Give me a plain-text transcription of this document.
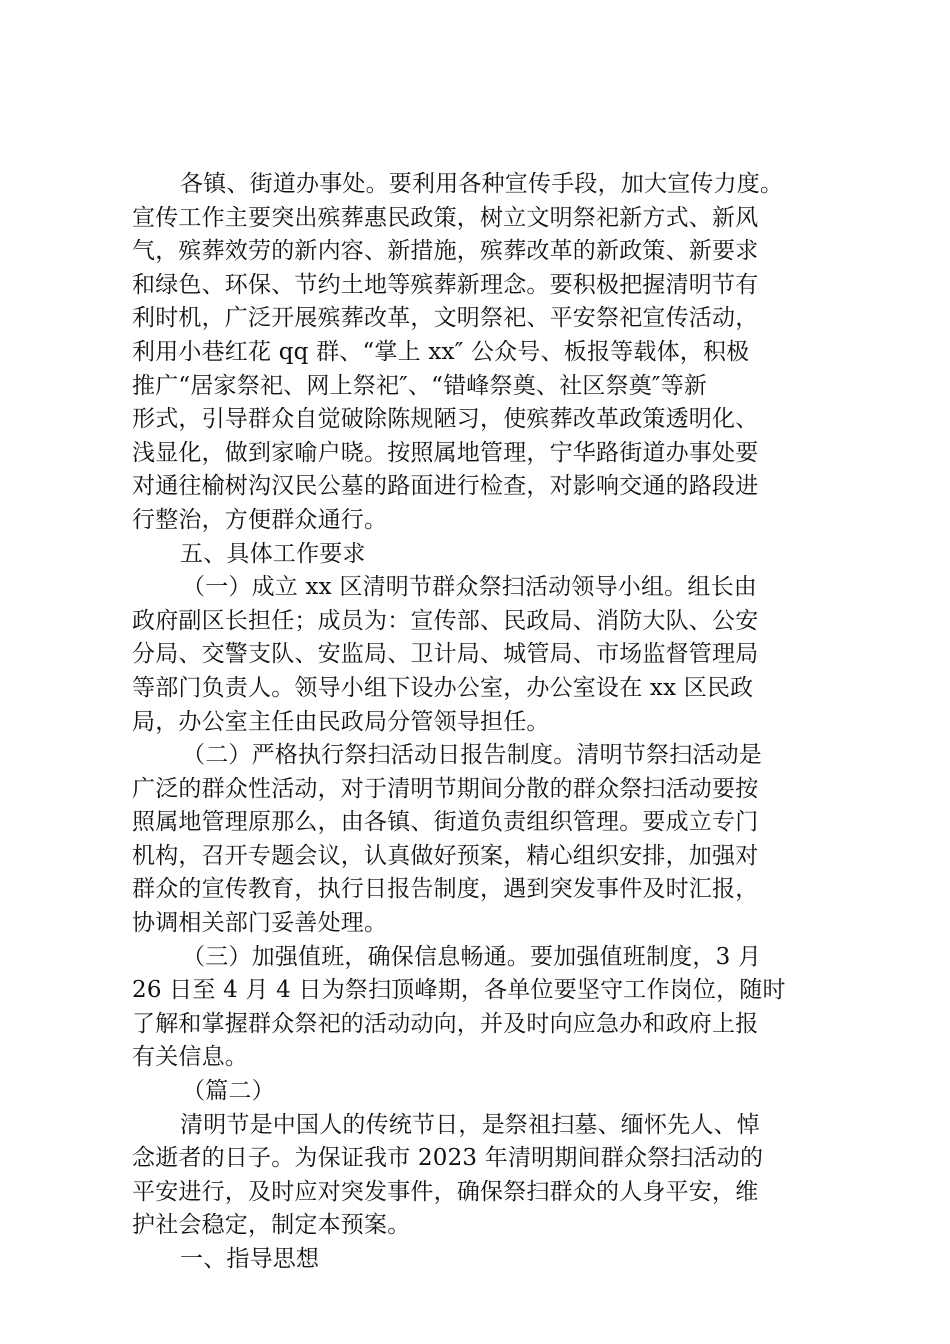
各镇、街道办事处。要利用各种宣传手段，加大宣传力度。
宣传工作主要突出殡葬惠民政策，树立文明祭祀新方式、新风
气，殡葬效劳的新内容、新措施，殡葬改革的新政策、新要求
和绿色、环保、节约土地等殡葬新理念。要积极把握清明节有
利时机，广泛开展殡葬改革，文明祭祀、平安祭祀宣传活动，
利用小巷红花 qq 群、“掌上 xx″ 公众号、板报等载体，积极
推广“居家祭祀、网上祭祀″、“错峰祭奠、社区祭奠″等新
形式，引导群众自觉破除陈规陋习，使殡葬改革政策透明化、
浅显化，做到家喻户晓。按照属地管理，宁华路街道办事处要
对通往榆树沟汉民公墓的路面进行检查，对影响交通的路段进
行整治，方便群众通行。
五、具体工作要求
（一）成立 xx 区清明节群众祭扫活动领导小组。组长由
政府副区长担任；成员为：宣传部、民政局、消防大队、公安
分局、交警支队、安监局、卫计局、城管局、市场监督管理局
等部门负责人。领导小组下设办公室，办公室设在 xx 区民政
局，办公室主任由民政局分管领导担任。
（二）严格执行祭扫活动日报告制度。清明节祭扫活动是
广泛的群众性活动，对于清明节期间分散的群众祭扫活动要按
照属地管理原那么，由各镇、街道负责组织管理。要成立专门
机构，召开专题会议，认真做好预案，精心组织安排，加强对
群众的宣传教育，执行日报告制度，遇到突发事件及时汇报，
协调相关部门妥善处理。
（三）加强值班，确保信息畅通。要加强值班制度，3 月
26 日至 4 月 4 日为祭扫顶峰期，各单位要坚守工作岗位，随时
了解和掌握群众祭祀的活动动向，并及时向应急办和政府上报
有关信息。
（篇二）
清明节是中国人的传统节日，是祭祖扫墓、缅怀先人、悼
念逝者的日子。为保证我市 2023 年清明期间群众祭扫活动的
平安进行，及时应对突发事件，确保祭扫群众的人身平安，维
护社会稳定，制定本预案。
一、指导思想
